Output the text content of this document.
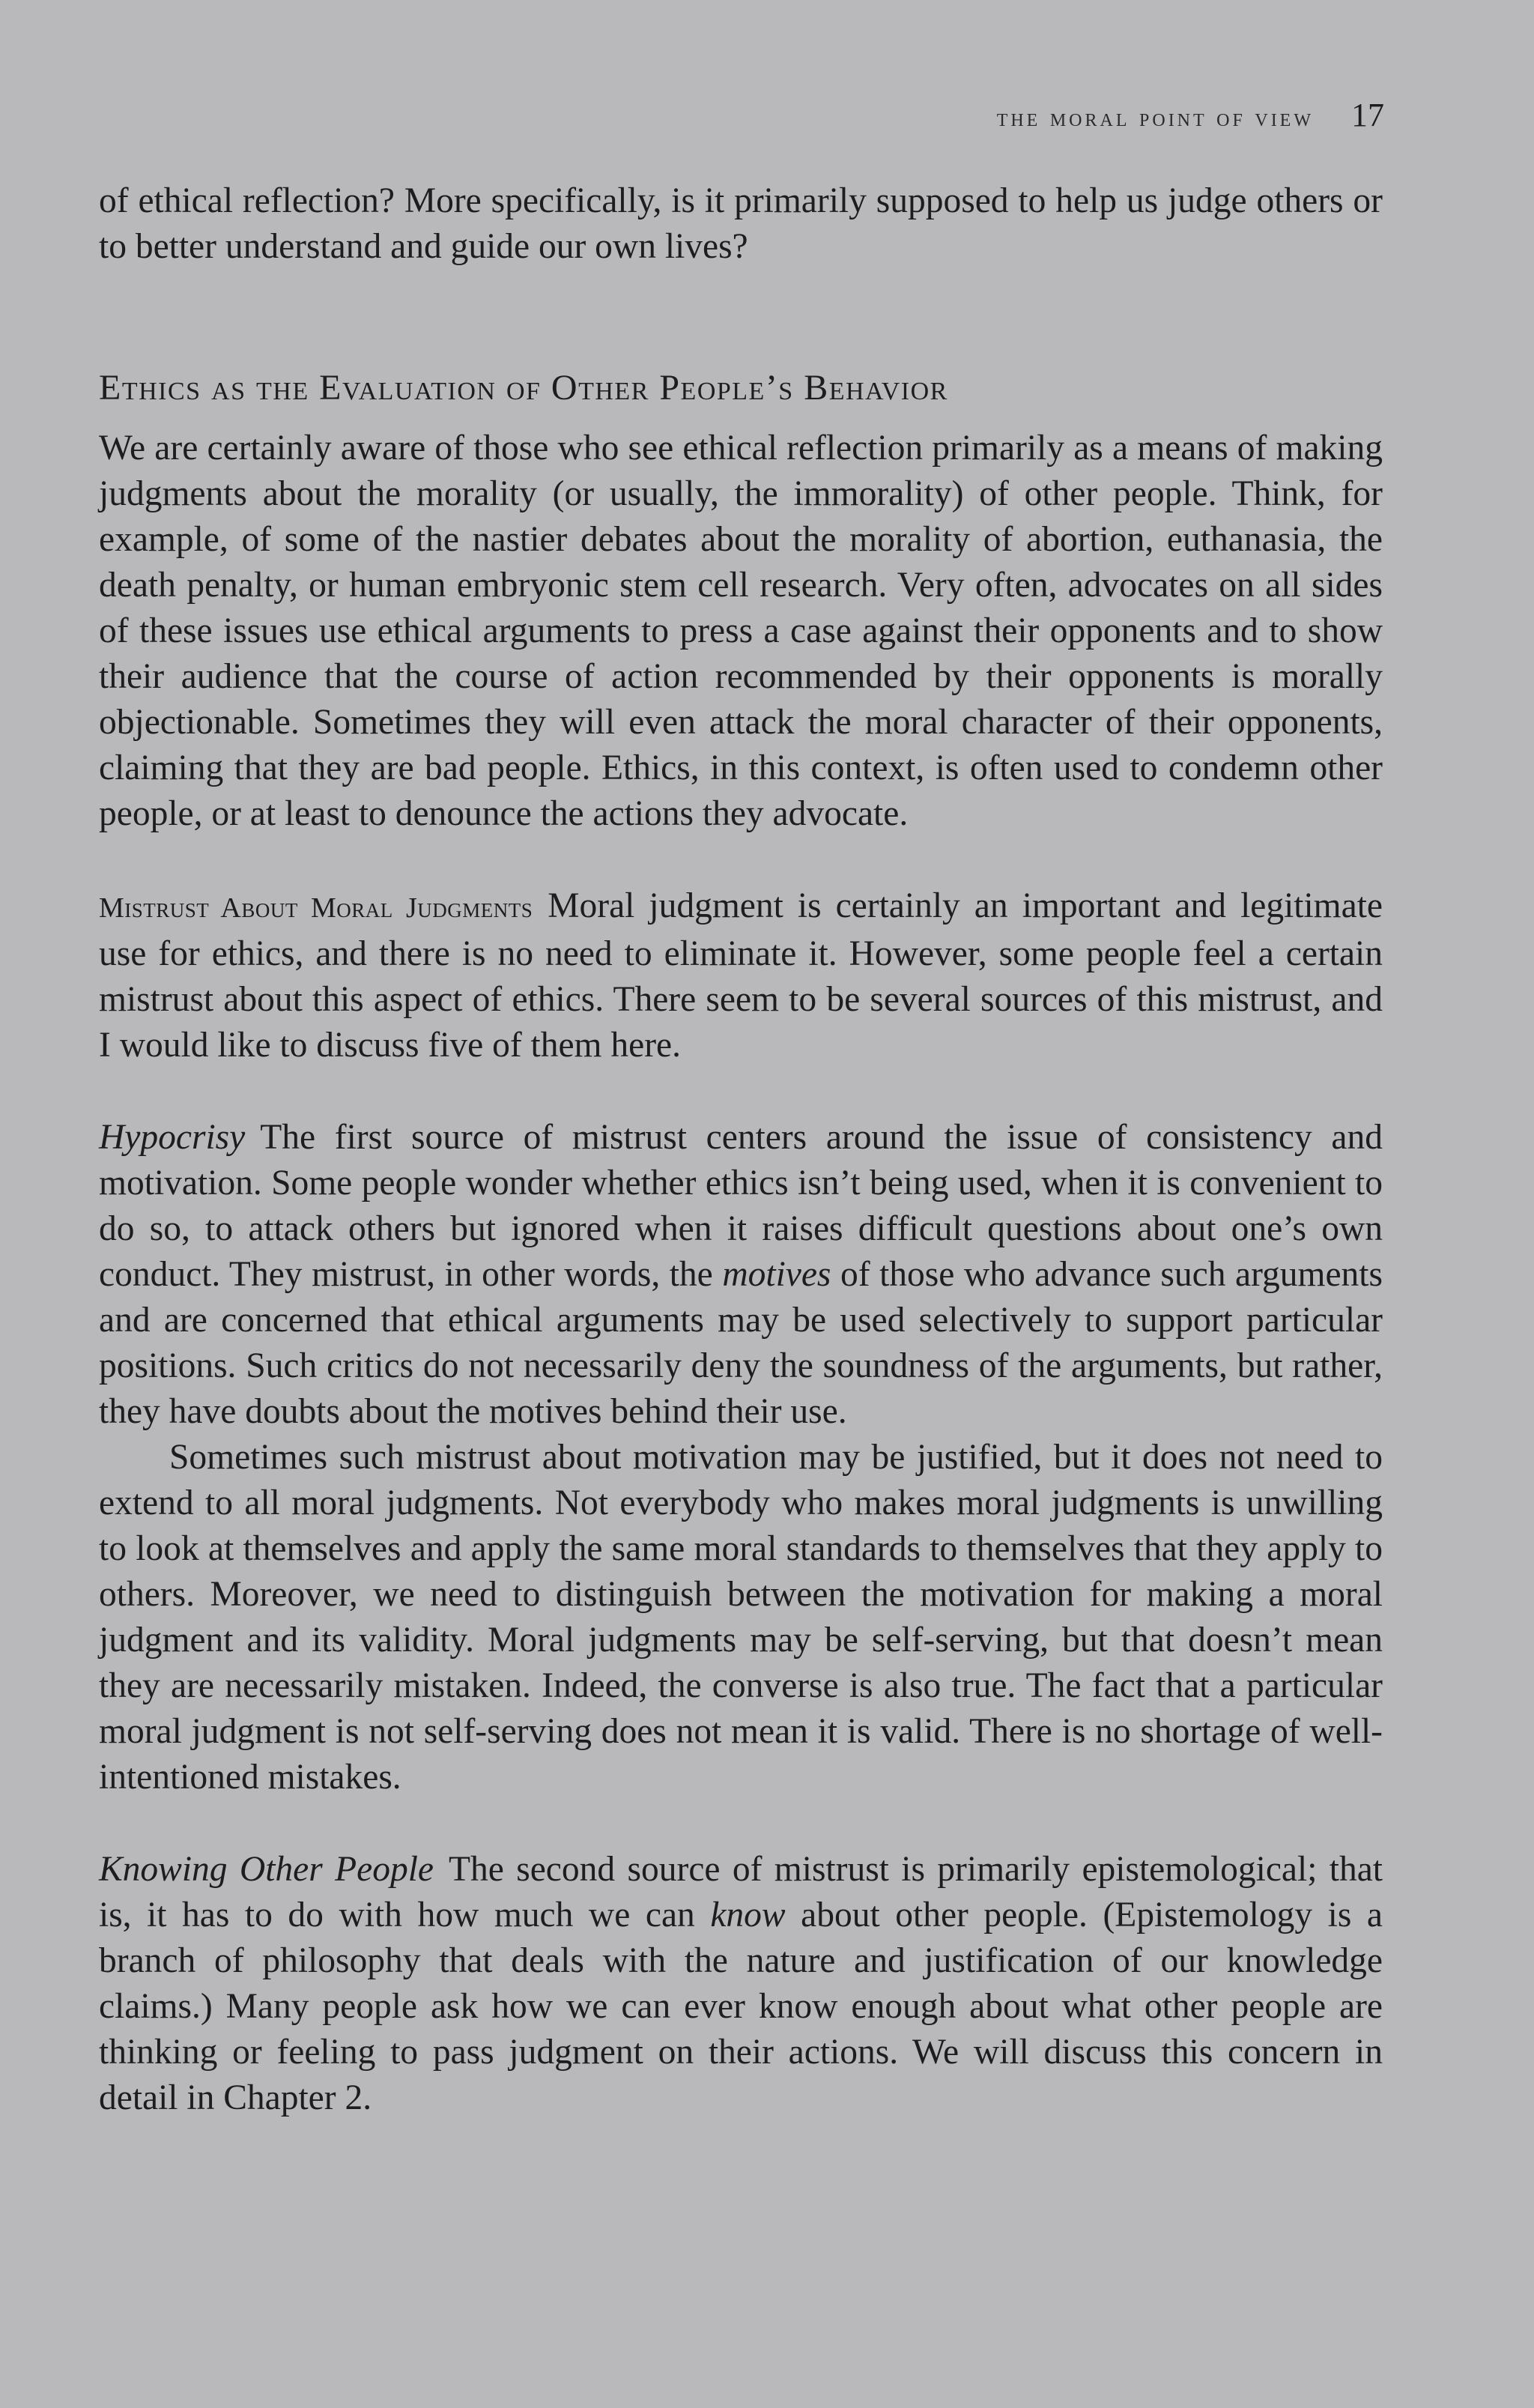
the moral point of view 17

of ethical reflection? More specifically, is it primarily supposed to help us judge others or to better understand and guide our own lives?

Ethics as the Evaluation of Other People’s Behavior

We are certainly aware of those who see ethical reflection primarily as a means of making judgments about the morality (or usually, the immorality) of other people. Think, for example, of some of the nastier debates about the morality of abortion, euthanasia, the death penalty, or human embryonic stem cell research. Very often, advocates on all sides of these issues use ethical arguments to press a case against their opponents and to show their audience that the course of action recommended by their opponents is morally objectionable. Sometimes they will even attack the moral character of their opponents, claiming that they are bad people. Ethics, in this context, is often used to condemn other people, or at least to denounce the actions they advocate.

Mistrust About Moral Judgments Moral judgment is certainly an important and legitimate use for ethics, and there is no need to eliminate it. However, some people feel a certain mistrust about this aspect of ethics. There seem to be several sources of this mistrust, and I would like to discuss five of them here.

Hypocrisy The first source of mistrust centers around the issue of consistency and motivation. Some people wonder whether ethics isn’t being used, when it is convenient to do so, to attack others but ignored when it raises difficult questions about one’s own conduct. They mistrust, in other words, the motives of those who advance such arguments and are concerned that ethical arguments may be used selectively to support particular positions. Such critics do not necessarily deny the soundness of the arguments, but rather, they have doubts about the motives behind their use.

Sometimes such mistrust about motivation may be justified, but it does not need to extend to all moral judgments. Not everybody who makes moral judgments is unwilling to look at themselves and apply the same moral standards to themselves that they apply to others. Moreover, we need to distinguish between the motivation for making a moral judgment and its validity. Moral judgments may be self-serving, but that doesn’t mean they are necessarily mistaken. Indeed, the converse is also true. The fact that a particular moral judgment is not self-serving does not mean it is valid. There is no shortage of well-intentioned mistakes.

Knowing Other People The second source of mistrust is primarily epistemological; that is, it has to do with how much we can know about other people. (Epistemology is a branch of philosophy that deals with the nature and justification of our knowledge claims.) Many people ask how we can ever know enough about what other people are thinking or feeling to pass judgment on their actions. We will discuss this concern in detail in Chapter 2.
